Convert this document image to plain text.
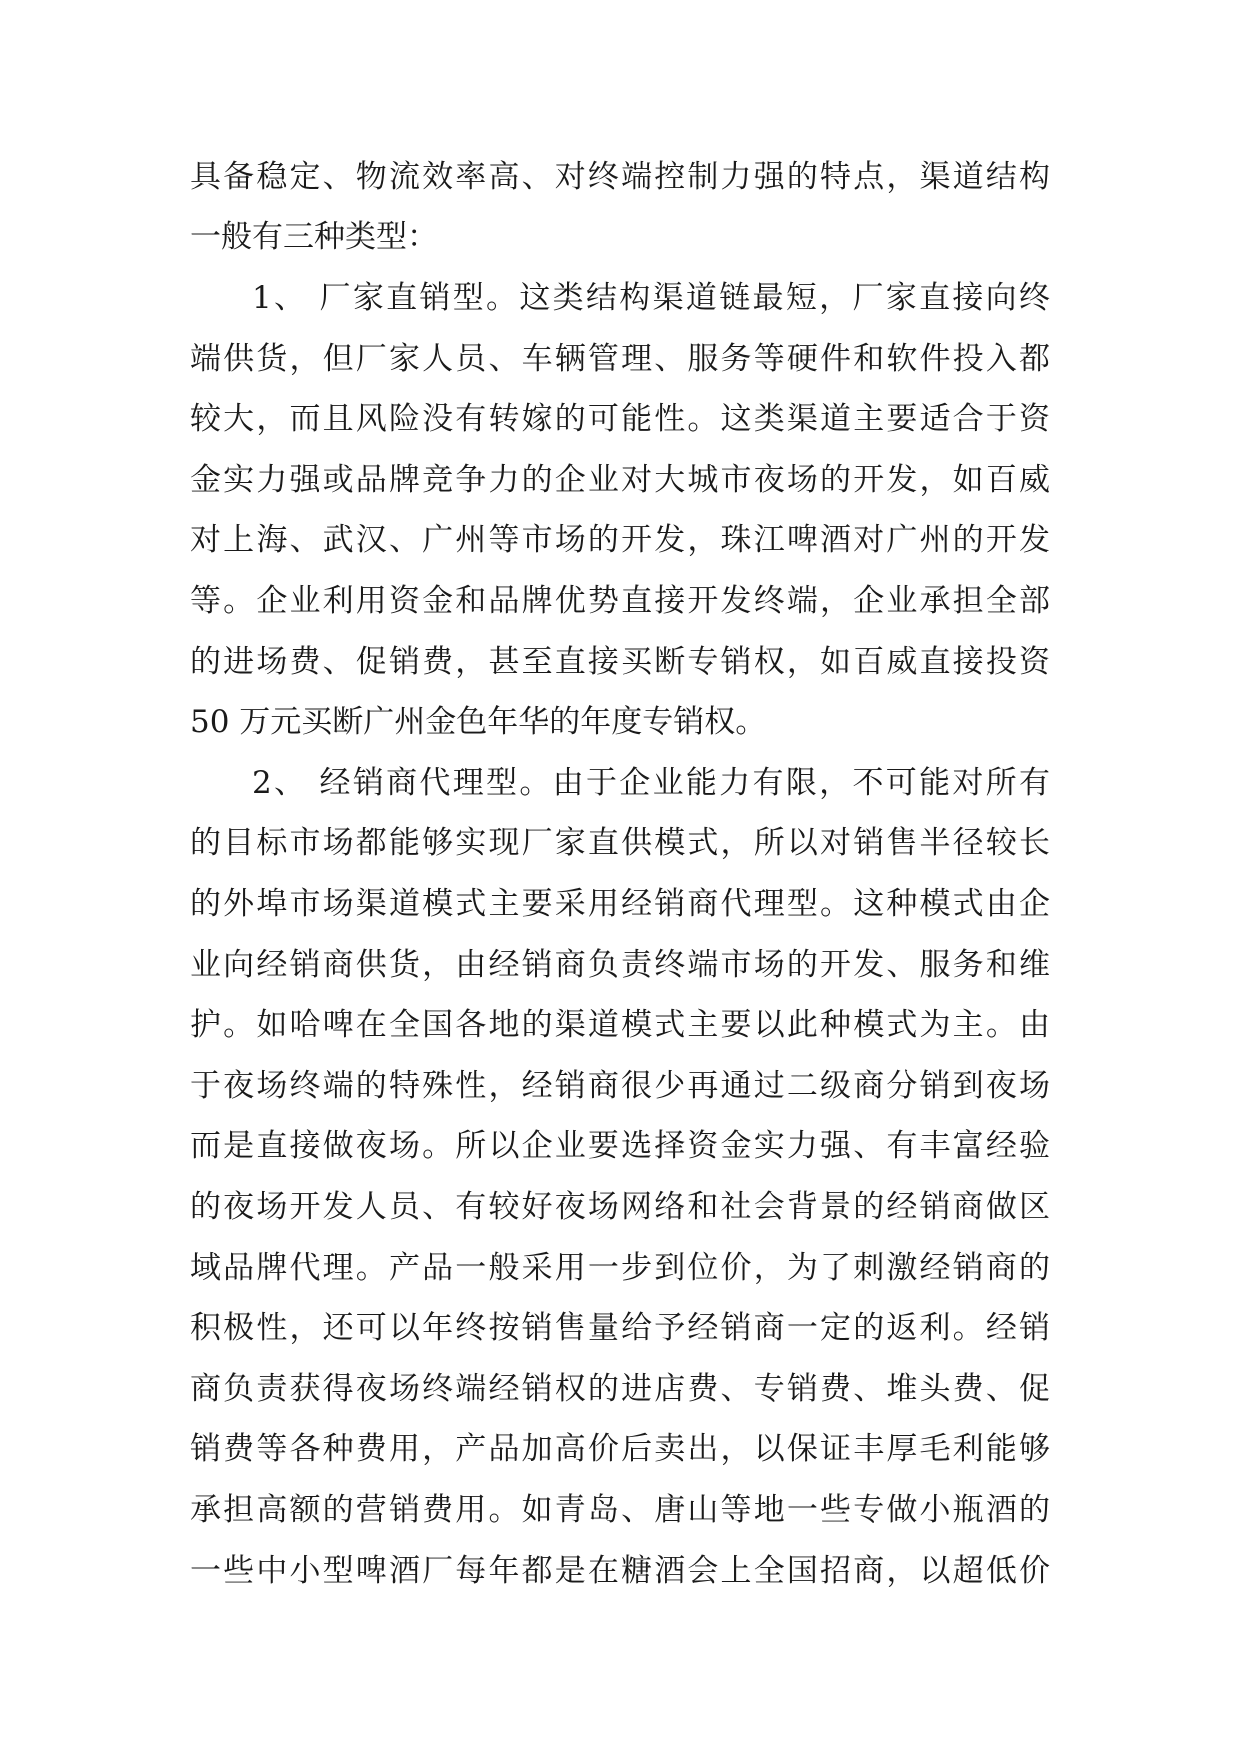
具备稳定、物流效率高、对终端控制力强的特点，渠道结构
一般有三种类型：
1、 厂家直销型。这类结构渠道链最短，厂家直接向终
端供货，但厂家人员、车辆管理、服务等硬件和软件投入都
较大，而且风险没有转嫁的可能性。这类渠道主要适合于资
金实力强或品牌竞争力的企业对大城市夜场的开发，如百威
对上海、武汉、广州等市场的开发，珠江啤酒对广州的开发
等。企业利用资金和品牌优势直接开发终端，企业承担全部
的进场费、促销费，甚至直接买断专销权，如百威直接投资
50 万元买断广州金色年华的年度专销权。
2、 经销商代理型。由于企业能力有限，不可能对所有
的目标市场都能够实现厂家直供模式，所以对销售半径较长
的外埠市场渠道模式主要采用经销商代理型。这种模式由企
业向经销商供货，由经销商负责终端市场的开发、服务和维
护。如哈啤在全国各地的渠道模式主要以此种模式为主。由
于夜场终端的特殊性，经销商很少再通过二级商分销到夜场
而是直接做夜场。所以企业要选择资金实力强、有丰富经验
的夜场开发人员、有较好夜场网络和社会背景的经销商做区
域品牌代理。产品一般采用一步到位价，为了刺激经销商的
积极性，还可以年终按销售量给予经销商一定的返利。经销
商负责获得夜场终端经销权的进店费、专销费、堆头费、促
销费等各种费用，产品加高价后卖出，以保证丰厚毛利能够
承担高额的营销费用。如青岛、唐山等地一些专做小瓶酒的
一些中小型啤酒厂每年都是在糖酒会上全国招商，以超低价
